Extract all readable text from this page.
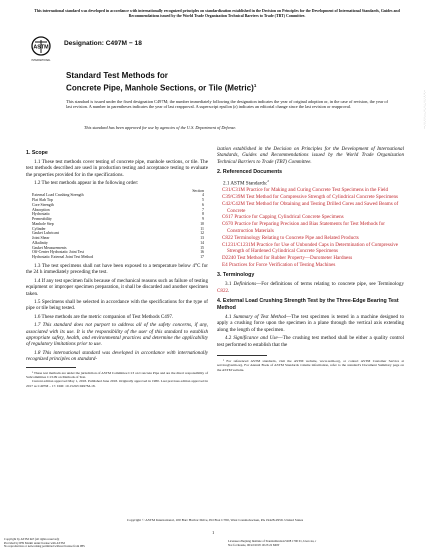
This international standard was developed in accordance with internationally recognized principles on standardization established in the Decision on Principles for the Development of International Standards, Guides and Recommendations issued by the World Trade Organization Technical Barriers to Trade (TBT) Committee.
ASTM
INTERNATIONAL
Designation: C497M − 18
Standard Test Methods for
Concrete Pipe, Manhole Sections, or Tile (Metric)$^1$
This standard is issued under the fixed designation C497M; the number immediately following the designation indicates the year of original adoption or, in the case of revision, the year of last revision. A number in parentheses indicates the year of last reapproval. A superscript epsilon (ε) indicates an editorial change since the last revision or reapproval.
This standard has been approved for use by agencies of the U.S. Department of Defense.
1. Scope
1.1 These test methods cover testing of concrete pipe, manhole sections, or tile. The test methods described are used in production testing and acceptance testing to evaluate the properties provided for in the specifications.
1.2 The test methods appear in the following order:
Section
External Load Crushing Strength	4
Flat Slab Top	5
Core Strength	6
Absorption	7
Hydrostatic	8
Permeability	9
Manhole Step	10
Cylinder	11
Gasket Lubricant	12
Joint Shear	13
Alkalinity	14
Gasket Measurements	15
Off-Center Hydrostatic Joint Test	16
Hydrostatic External Joint Test Method	17
1.3 The test specimens shall not have been exposed to a temperature below 4°C for the 24 h immediately preceding the test.
1.4 If any test specimen fails because of mechanical reasons such as failure of testing equipment or improper specimen preparation, it shall be discarded and another specimen taken.
1.5 Specimens shall be selected in accordance with the specifications for the type of pipe or tile being tested.
1.6 These methods are the metric companion of Test Methods C497.
1.7 This standard does not purport to address all of the safety concerns, if any, associated with its use. It is the responsibility of the user of this standard to establish appropriate safety, health, and environmental practices and determine the applicability of regulatory limitations prior to use.
1.8 This international standard was developed in accordance with internationally recognized principles on standard-
¹ These test methods are under the jurisdiction of ASTM Committee C13 on Concrete Pipe and are the direct responsibility of Subcommittee C13.09 on Methods of Test.
Current edition approved May 1, 2018. Published June 2018. Originally approved in 1980. Last previous edition approved in 2017 as C497M – 17. DOI: 10.1520/C0497M-18.
ization established in the Decision on Principles for the Development of International Standards, Guides and Recommendations issued by the World Trade Organization Technical Barriers to Trade (TBT) Committee.
2. Referenced Documents
2.1 ASTM Standards:$^2$
C31/C31M Practice for Making and Curing Concrete Test Specimens in the Field
C39/C39M Test Method for Compressive Strength of Cylindrical Concrete Specimens
C42/C42M Test Method for Obtaining and Testing Drilled Cores and Sawed Beams of Concrete
C617 Practice for Capping Cylindrical Concrete Specimens
C670 Practice for Preparing Precision and Bias Statements for Test Methods for Construction Materials
C822 Terminology Relating to Concrete Pipe and Related Products
C1231/C1231M Practice for Use of Unbonded Caps in Determination of Compressive Strength of Hardened Cylindrical Concrete Specimens
D2240 Test Method for Rubber Property—Durometer Hardness
E4 Practices for Force Verification of Testing Machines
3. Terminology
3.1 Definitions—For definitions of terms relating to concrete pipe, see Terminology C822.
4. External Load Crushing Strength Test by the Three-Edge Bearing Test Method
4.1 Summary of Test Method—The test specimen is tested in a machine designed to apply a crushing force upon the specimen in a plane through the vertical axis extending along the length of the specimen.
4.2 Significance and Use—The crushing test method shall be either a quality control test performed to establish that the
² For referenced ASTM standards, visit the ASTM website, www.astm.org, or contact ASTM Customer Service at service@astm.org. For Annual Book of ASTM Standards volume information, refer to the standard's Document Summary page on the ASTM website.
--`,,,`,,`,`,`,,``,`,,``,,,``-`-`,,`,,`,`,,`---
Copyright © ASTM International, 100 Barr Harbor Drive, PO Box C700, West Conshohocken, PA 19428-2959. United States
1
Copyright by ASTM Int'l (all rights reserved);
Provided by IHS Markit under license with ASTM
No reproduction or networking permitted without license from IHS
Licensee=Zhejiang Institute of Standardization/5208 1790 01, User=xu, r
Not for Resale, 06/22/2018 19:25:22 MDT
